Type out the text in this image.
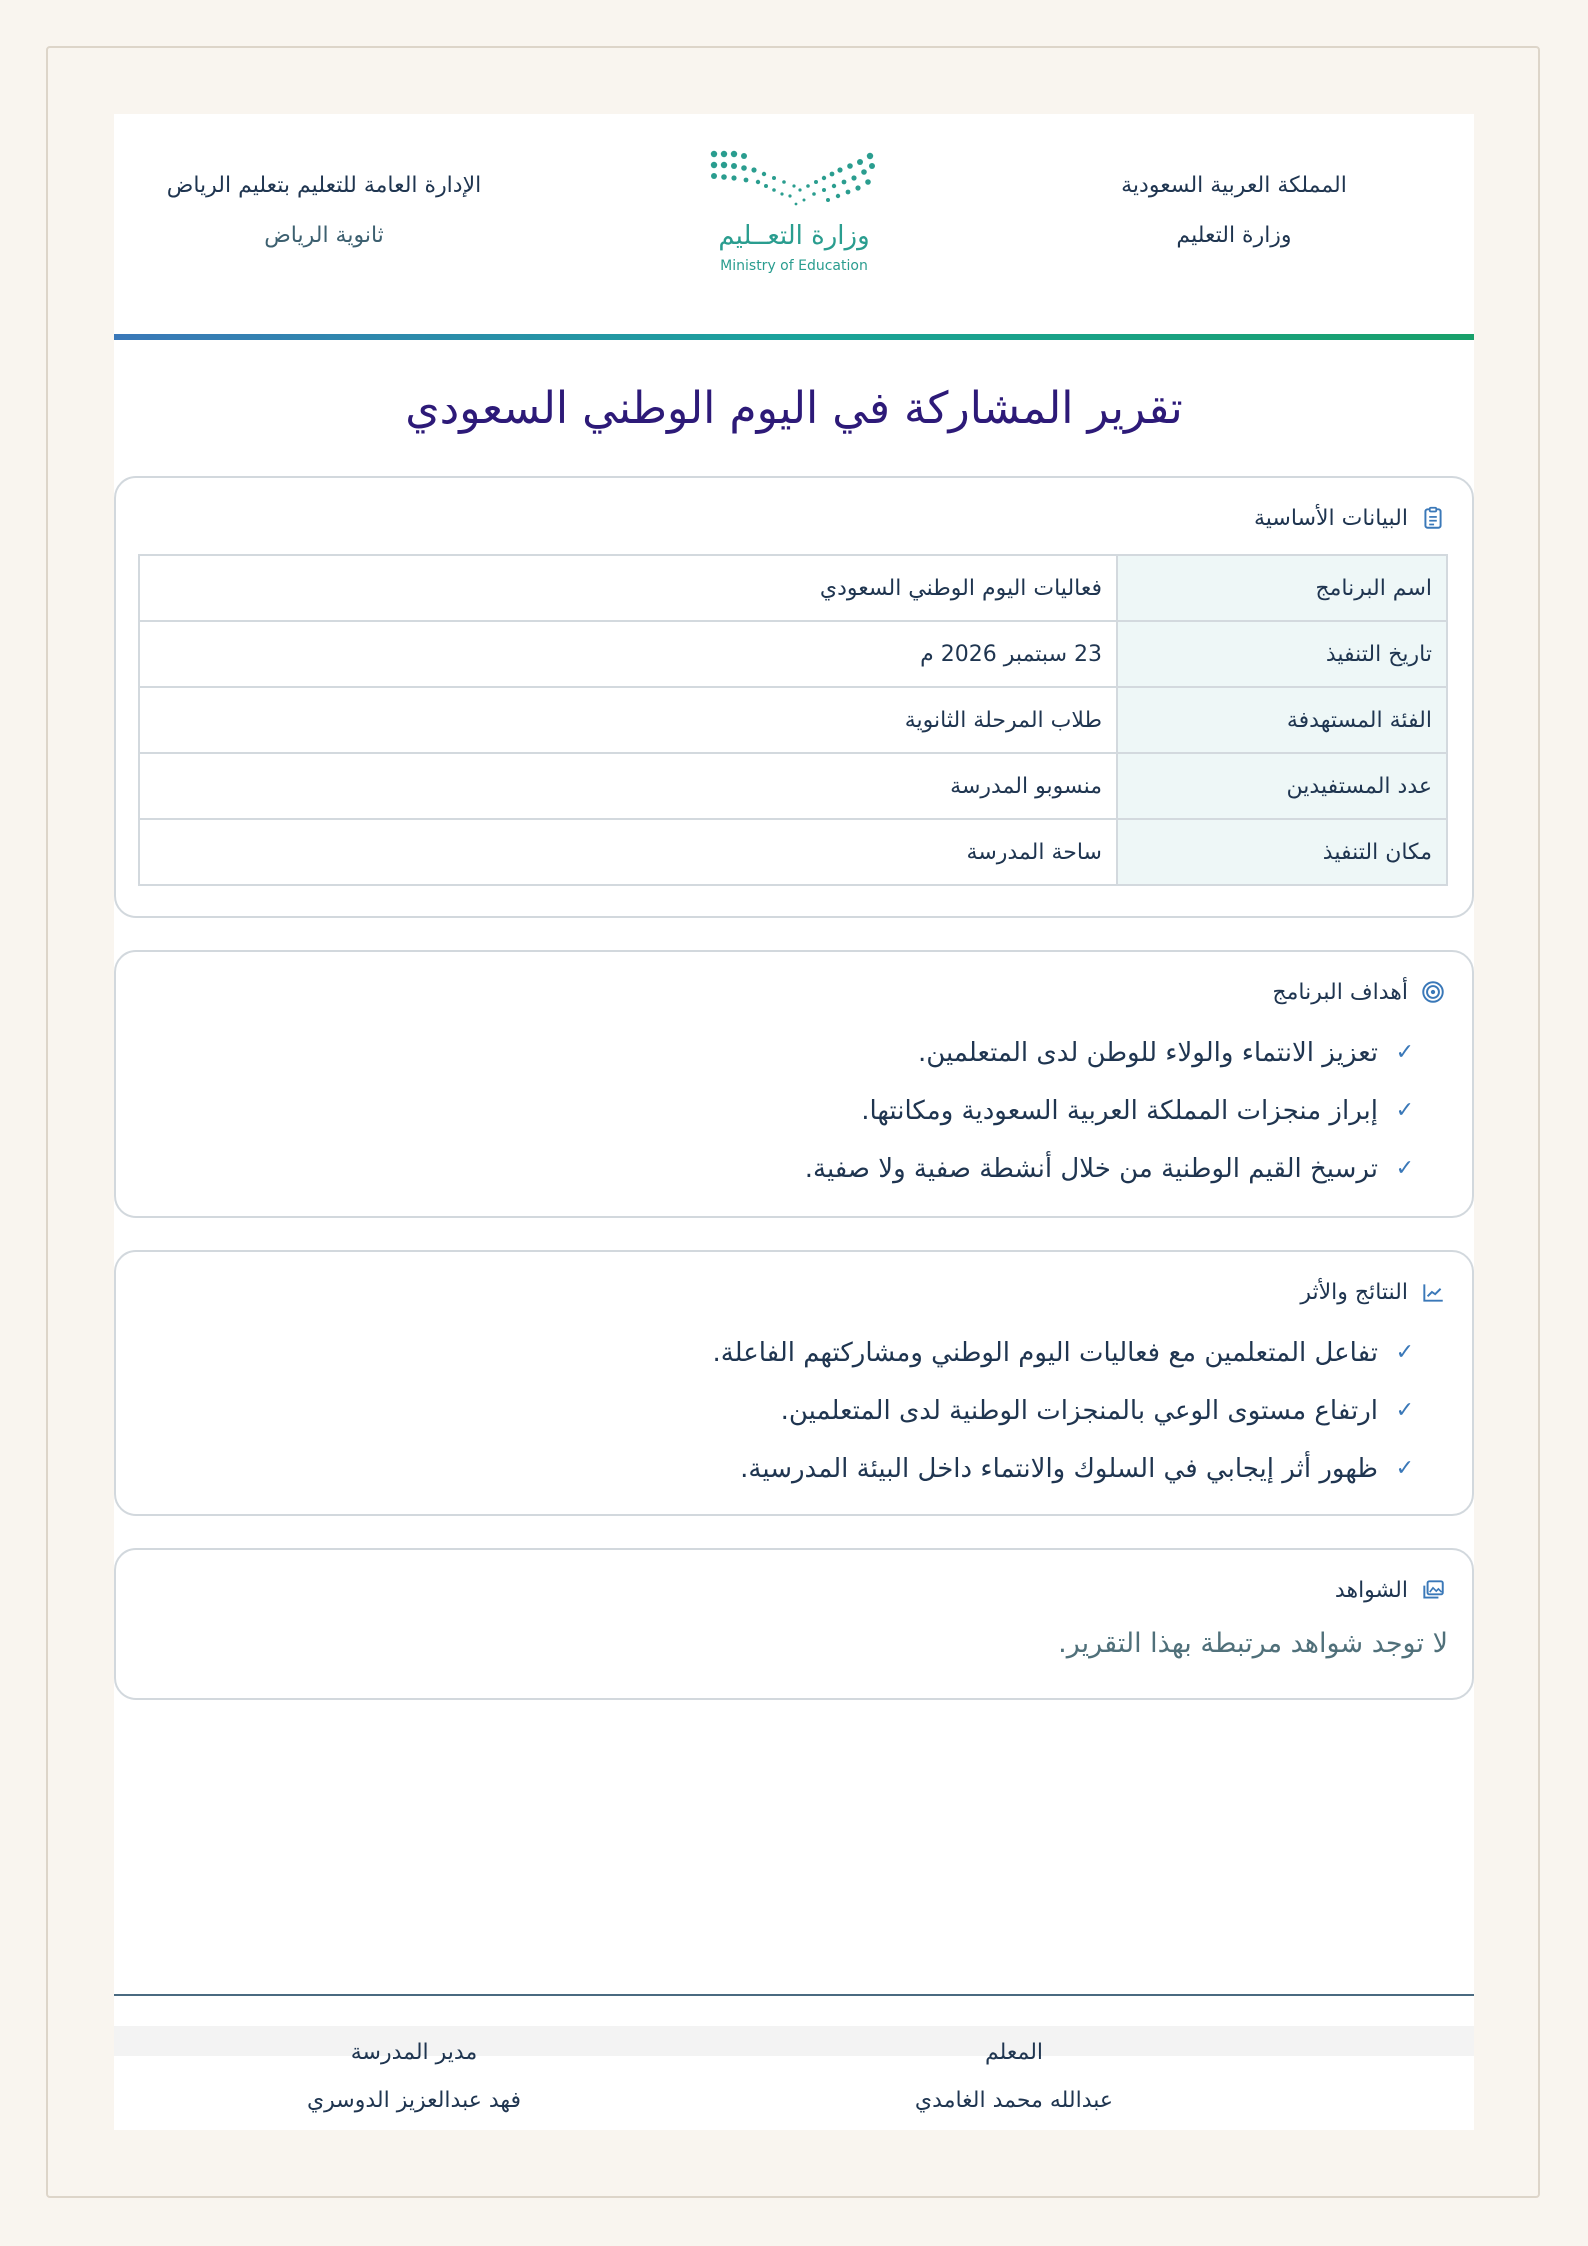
المملكة العربية السعودية
وزارة التعليم
وزارة التعــليم
Ministry of Education
الإدارة العامة للتعليم بتعليم الرياض
ثانوية الرياض
تقرير المشاركة في اليوم الوطني السعودي
البيانات الأساسية
اسم البرنامج	فعاليات اليوم الوطني السعودي
تاريخ التنفيذ	23 سبتمبر 2026 م
الفئة المستهدفة	طلاب المرحلة الثانوية
عدد المستفيدين	منسوبو المدرسة
مكان التنفيذ	ساحة المدرسة
أهداف البرنامج
✓
تعزيز الانتماء والولاء للوطن لدى المتعلمين.
✓
إبراز منجزات المملكة العربية السعودية ومكانتها.
✓
ترسيخ القيم الوطنية من خلال أنشطة صفية ولا صفية.
النتائج والأثر
✓
تفاعل المتعلمين مع فعاليات اليوم الوطني ومشاركتهم الفاعلة.
✓
ارتفاع مستوى الوعي بالمنجزات الوطنية لدى المتعلمين.
✓
ظهور أثر إيجابي في السلوك والانتماء داخل البيئة المدرسية.
الشواهد
لا توجد شواهد مرتبطة بهذا التقرير.
المعلم
عبدالله محمد الغامدي
مدير المدرسة
فهد عبدالعزيز الدوسري
